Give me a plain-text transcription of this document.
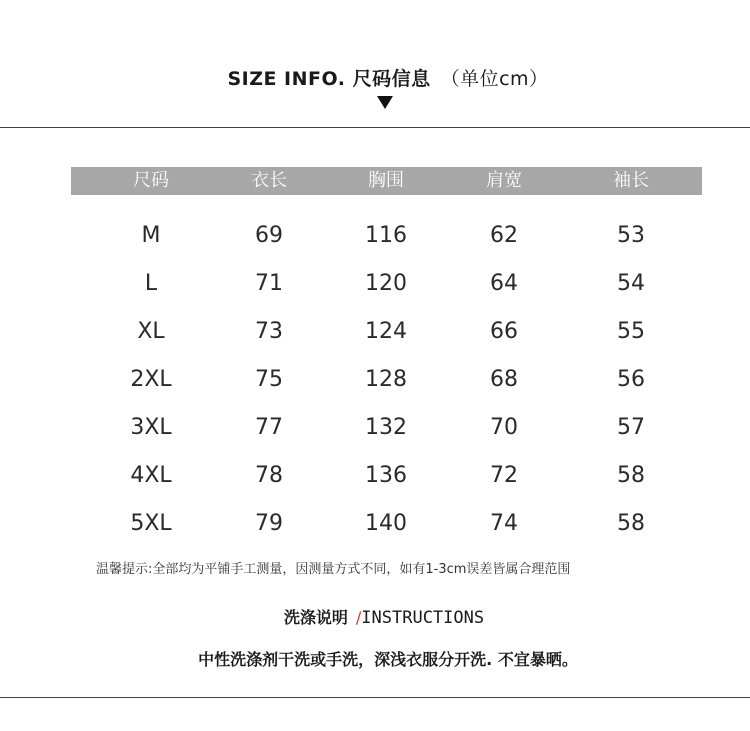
SIZE INFO. 尺码信息 （单位cm）
尺码	衣长	胸围	肩宽	袖长
M	69	116	62	53
L	71	120	64	54
XL	73	124	66	55
2XL	75	128	68	56
3XL	77	132	70	57
4XL	78	136	72	58
5XL	79	140	74	58
温馨提示:全部均为平铺手工测量，因测量方式不同，如有1-3cm误差皆属合理范围
洗涤说明 /INSTRUCTIONS
中性洗涤剂干洗或手洗，深浅衣服分开洗. 不宜暴晒。
